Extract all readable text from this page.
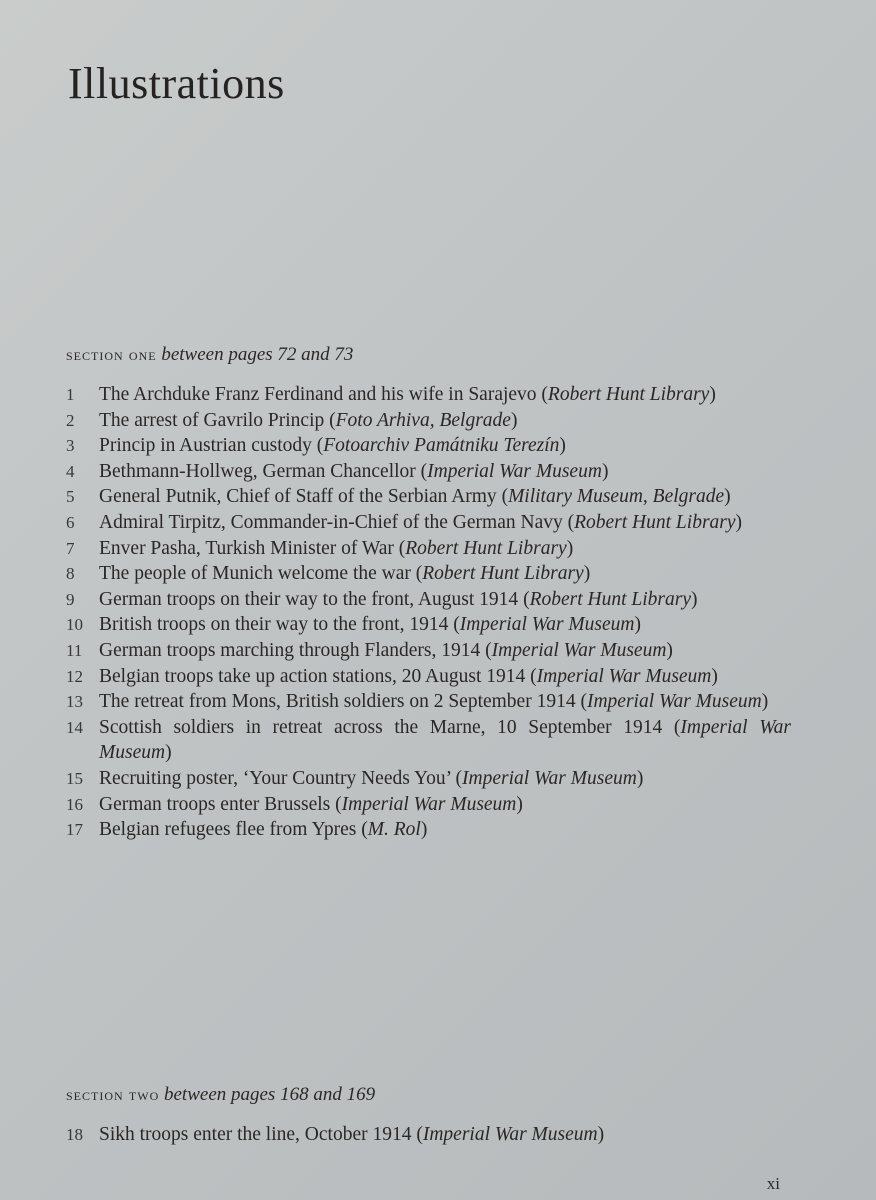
Illustrations
section one between pages 72 and 73
1	The Archduke Franz Ferdinand and his wife in Sarajevo (Robert Hunt Library)
2	The arrest of Gavrilo Princip (Foto Arhiva, Belgrade)
3	Princip in Austrian custody (Fotoarchiv Památniku Terezín)
4	Bethmann-Hollweg, German Chancellor (Imperial War Museum)
5	General Putnik, Chief of Staff of the Serbian Army (Military Museum, Belgrade)
6	Admiral Tirpitz, Commander-in-Chief of the German Navy (Robert Hunt Library)
7	Enver Pasha, Turkish Minister of War (Robert Hunt Library)
8	The people of Munich welcome the war (Robert Hunt Library)
9	German troops on their way to the front, August 1914 (Robert Hunt Library)
10 British troops on their way to the front, 1914 (Imperial War Museum)
11 German troops marching through Flanders, 1914 (Imperial War Museum)
12 Belgian troops take up action stations, 20 August 1914 (Imperial War Museum)
13 The retreat from Mons, British soldiers on 2 September 1914 (Imperial War Museum)
14 Scottish soldiers in retreat across the Marne, 10 September 1914 (Imperial War Museum)
15 Recruiting poster, ‘Your Country Needs You’ (Imperial War Museum)
16 German troops enter Brussels (Imperial War Museum)
17 Belgian refugees flee from Ypres (M. Rol)
section two between pages 168 and 169
18 Sikh troops enter the line, October 1914 (Imperial War Museum)
xi
